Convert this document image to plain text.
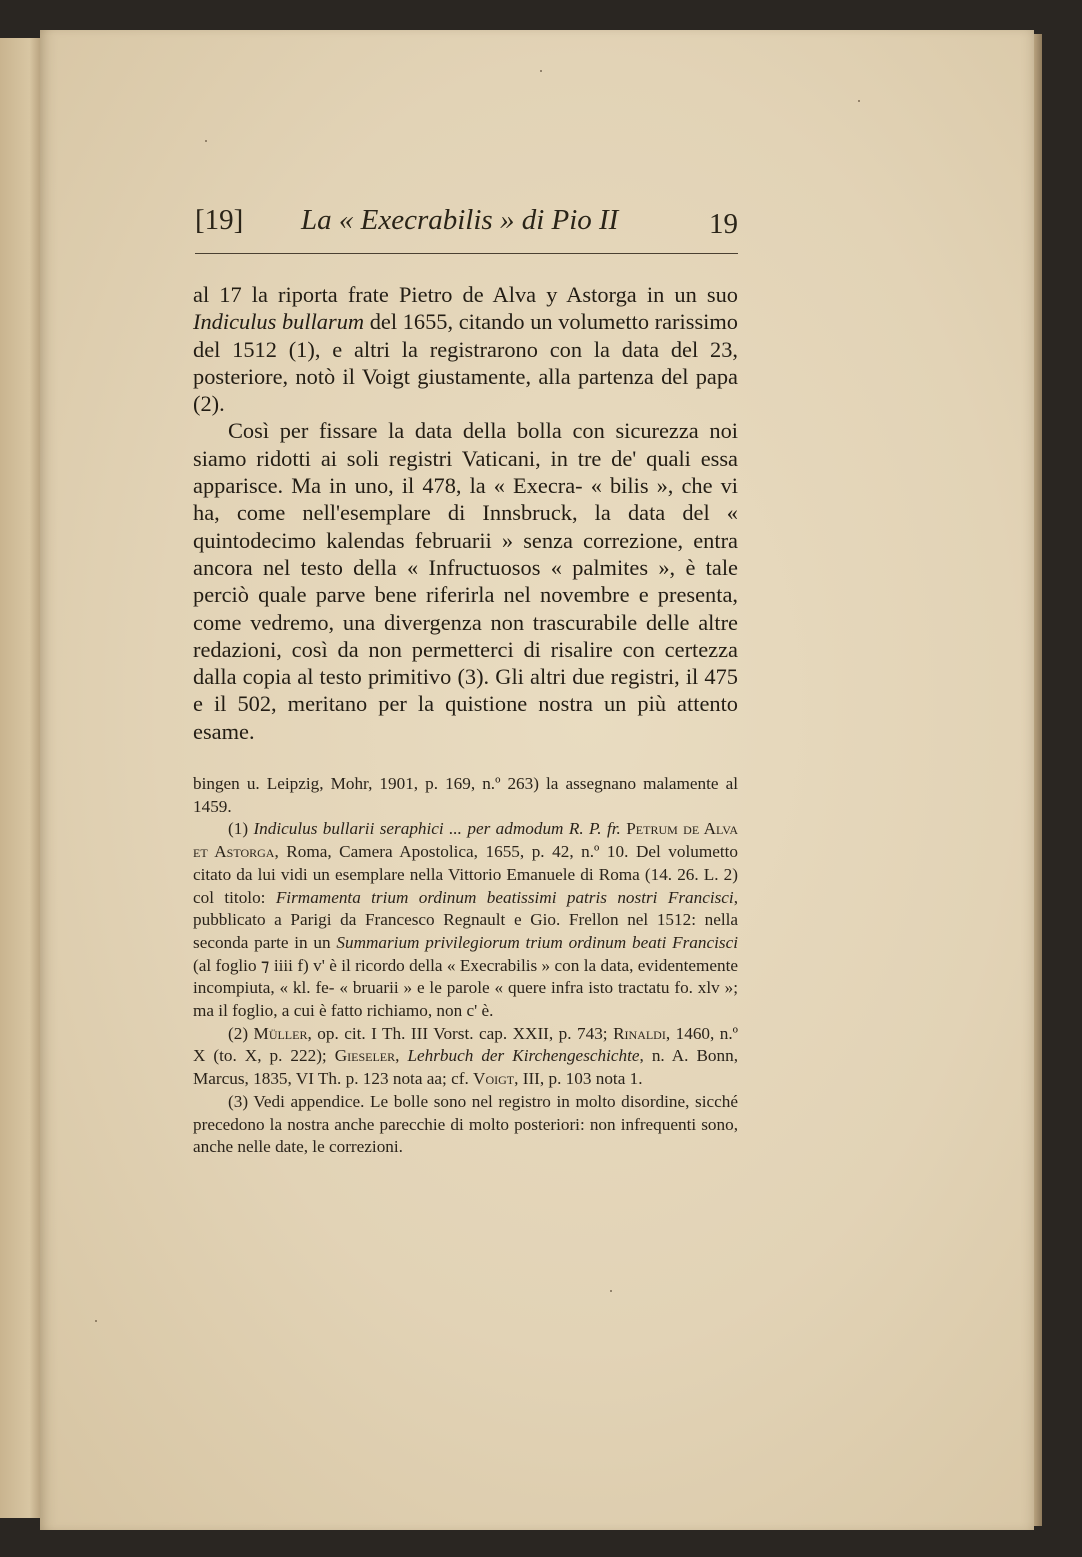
[19] La « Execrabilis » di Pio II	19

al 17 la riporta frate Pietro de Alva y Astorga in un suo Indiculus bullarum del 1655, citando un volumetto rarissimo del 1512 (1), e altri la registrarono con la data del 23, posteriore, notò il Voigt giustamente, alla partenza del papa (2).

Così per fissare la data della bolla con sicurezza noi siamo ridotti ai soli registri Vaticani, in tre de' quali essa apparisce. Ma in uno, il 478, la « Execra- « bilis », che vi ha, come nell'esemplare di Innsbruck, la data del « quintodecimo kalendas februarii » senza correzione, entra ancora nel testo della « Infructuosos « palmites », è tale perciò quale parve bene riferirla nel novembre e presenta, come vedremo, una divergenza non trascurabile delle altre redazioni, così da non permetterci di risalire con certezza dalla copia al testo primitivo (3). Gli altri due registri, il 475 e il 502, meritano per la quistione nostra un più attento esame.

bingen u. Leipzig, Mohr, 1901, p. 169, n.º 263) la assegnano malamente al 1459.

(1) Indiculus bullarii seraphici ... per admodum R. P. fr. Petrum de Alva et Astorga, Roma, Camera Apostolica, 1655, p. 42, n.º 10. Del volumetto citato da lui vidi un esemplare nella Vittorio Emanuele di Roma (14. 26. L. 2) col titolo: Firmamenta trium ordinum beatissimi patris nostri Francisci, pubblicato a Parigi da Francesco Regnault e Gio. Frellon nel 1512: nella seconda parte in un Summarium privilegiorum trium ordinum beati Francisci (al foglio ⁊ iiii f) v' è il ricordo della « Execrabilis » con la data, evidentemente incompiuta, « kl. fe- « bruarii » e le parole « quere infra isto tractatu fo. xlv »; ma il foglio, a cui è fatto richiamo, non c' è.

(2) Müller, op. cit. I Th. III Vorst. cap. XXII, p. 743; Rinaldi, 1460, n.º X (to. X, p. 222); Gieseler, Lehrbuch der Kirchengeschichte, n. A. Bonn, Marcus, 1835, VI Th. p. 123 nota aa; cf. Voigt, III, p. 103 nota 1.

(3) Vedi appendice. Le bolle sono nel registro in molto disordine, sicché precedono la nostra anche parecchie di molto posteriori: non infrequenti sono, anche nelle date, le correzioni.
